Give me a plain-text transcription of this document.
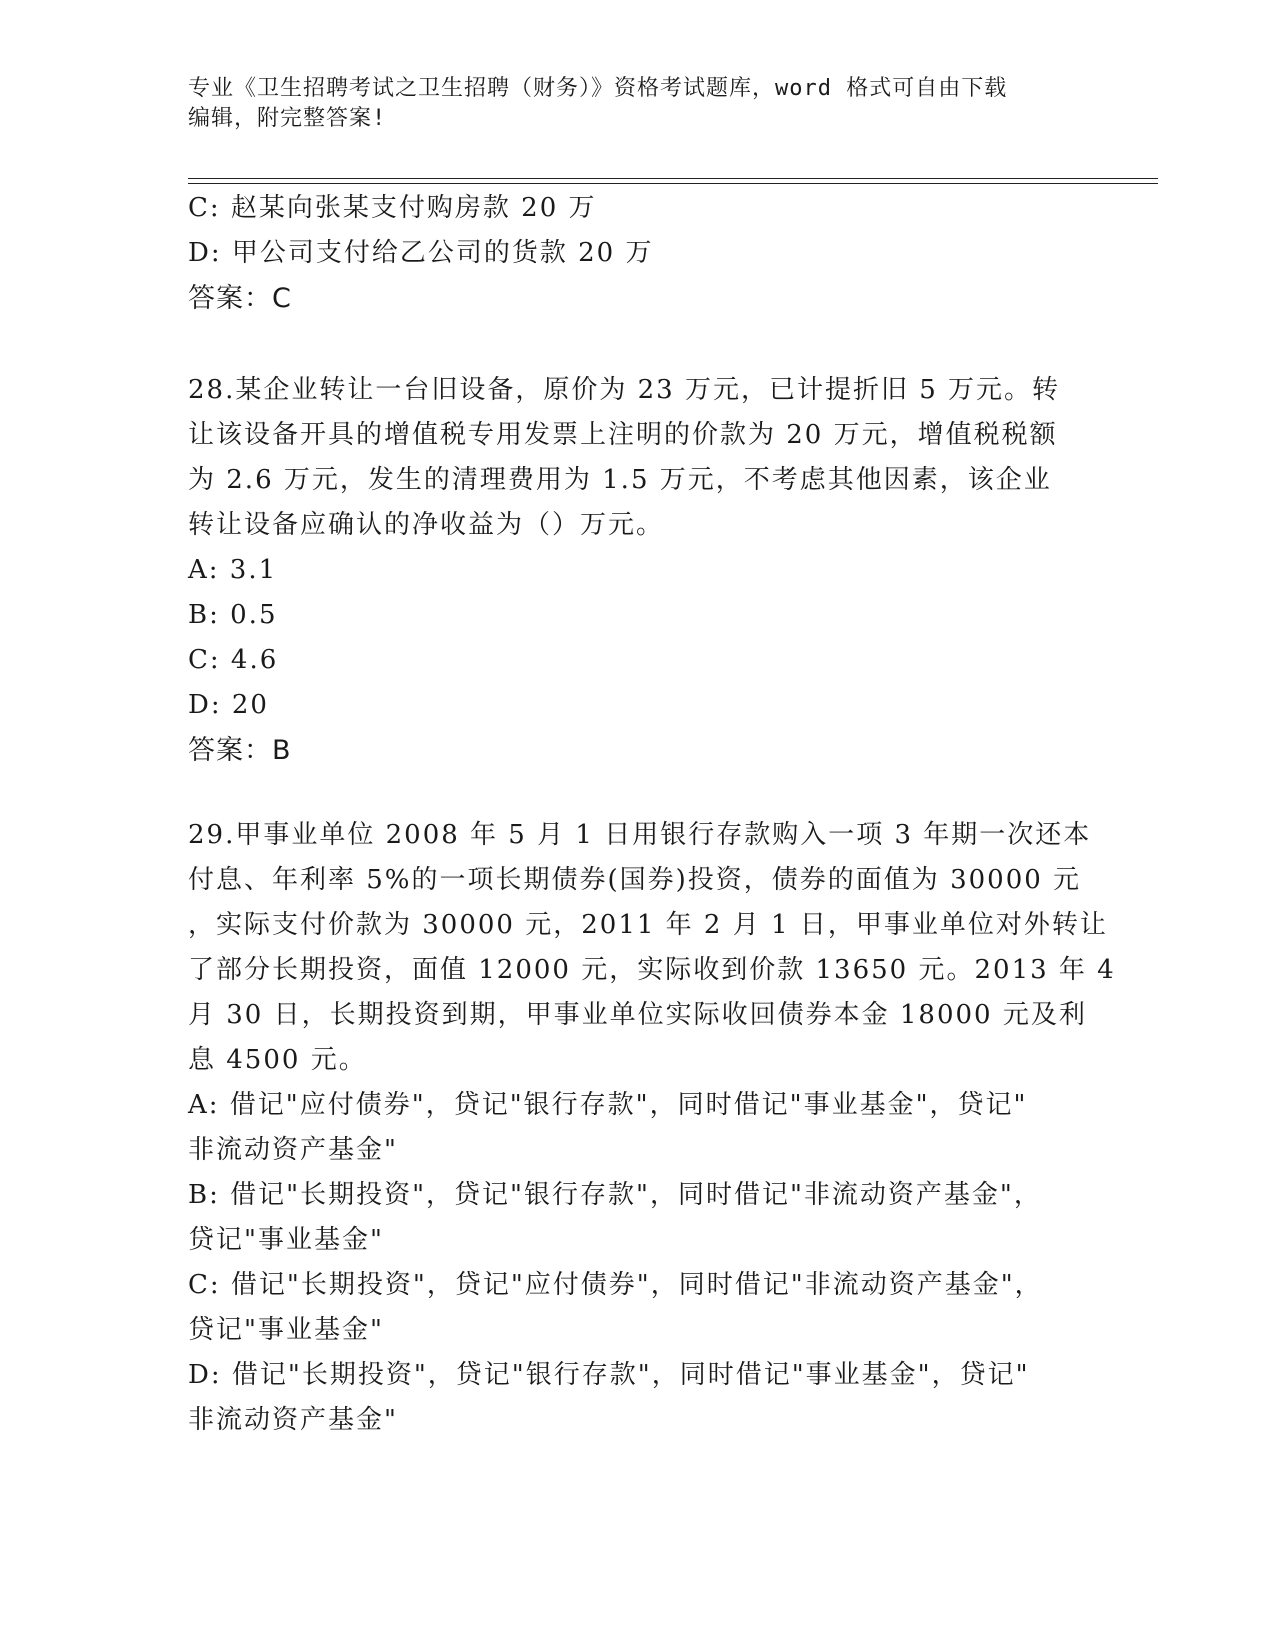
专业《卫生招聘考试之卫生招聘（财务）》资格考试题库，word 格式可自由下载
编辑，附完整答案!
C: 赵某向张某支付购房款 20 万
D: 甲公司支付给乙公司的货款 20 万
答案：C
28.某企业转让一台旧设备，原价为 23 万元，已计提折旧 5 万元。转
让该设备开具的增值税专用发票上注明的价款为 20 万元，增值税税额
为 2.6 万元，发生的清理费用为 1.5 万元，不考虑其他因素，该企业
转让设备应确认的净收益为（）万元。
A: 3.1
B: 0.5
C: 4.6
D: 20
答案：B
29.甲事业单位 2008 年 5 月 1 日用银行存款购入一项 3 年期一次还本
付息、年利率 5%的一项长期债券(国券)投资，债券的面值为 30000 元
，实际支付价款为 30000 元，2011 年 2 月 1 日，甲事业单位对外转让
了部分长期投资，面值 12000 元，实际收到价款 13650 元。2013 年 4
月 30 日，长期投资到期，甲事业单位实际收回债券本金 18000 元及利
息 4500 元。
A: 借记"应付债券"，贷记"银行存款"，同时借记"事业基金"，贷记"
非流动资产基金"
B: 借记"长期投资"，贷记"银行存款"，同时借记"非流动资产基金"，
贷记"事业基金"
C: 借记"长期投资"，贷记"应付债券"，同时借记"非流动资产基金"，
贷记"事业基金"
D: 借记"长期投资"，贷记"银行存款"，同时借记"事业基金"，贷记"
非流动资产基金"
